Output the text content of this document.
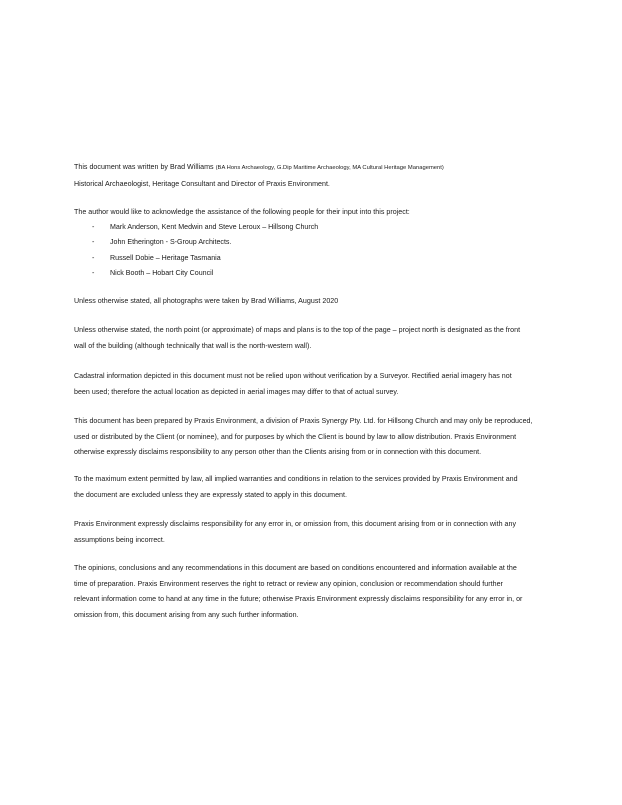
This document was written by Brad Williams (BA Hons Archaeology, G.Dip Maritime Archaeology, MA Cultural Heritage Management)

Historical Archaeologist, Heritage Consultant and Director of Praxis Environment.

The author would like to acknowledge the assistance of the following people for their input into this project:

- Mark Anderson, Kent Medwin and Steve Leroux – Hillsong Church
- John Etherington - S-Group Architects.
- Russell Dobie – Heritage Tasmania
- Nick Booth – Hobart City Council

Unless otherwise stated, all photographs were taken by Brad Williams, August 2020

Unless otherwise stated, the north point (or approximate) of maps and plans is to the top of the page – project north is designated as the front

wall of the building (although technically that wall is the north-western wall).

Cadastral information depicted in this document must not be relied upon without verification by a Surveyor. Rectified aerial imagery has not

been used; therefore the actual location as depicted in aerial images may differ to that of actual survey.

This document has been prepared by Praxis Environment, a division of Praxis Synergy Pty. Ltd. for Hillsong Church and may only be reproduced,

used or distributed by the Client (or nominee), and for purposes by which the Client is bound by law to allow distribution. Praxis Environment

otherwise expressly disclaims responsibility to any person other than the Clients arising from or in connection with this document.

To the maximum extent permitted by law, all implied warranties and conditions in relation to the services provided by Praxis Environment and

the document are excluded unless they are expressly stated to apply in this document.

Praxis Environment expressly disclaims responsibility for any error in, or omission from, this document arising from or in connection with any

assumptions being incorrect.

The opinions, conclusions and any recommendations in this document are based on conditions encountered and information available at the

time of preparation. Praxis Environment reserves the right to retract or review any opinion, conclusion or recommendation should further

relevant information come to hand at any time in the future; otherwise Praxis Environment expressly disclaims responsibility for any error in, or

omission from, this document arising from any such further information.
